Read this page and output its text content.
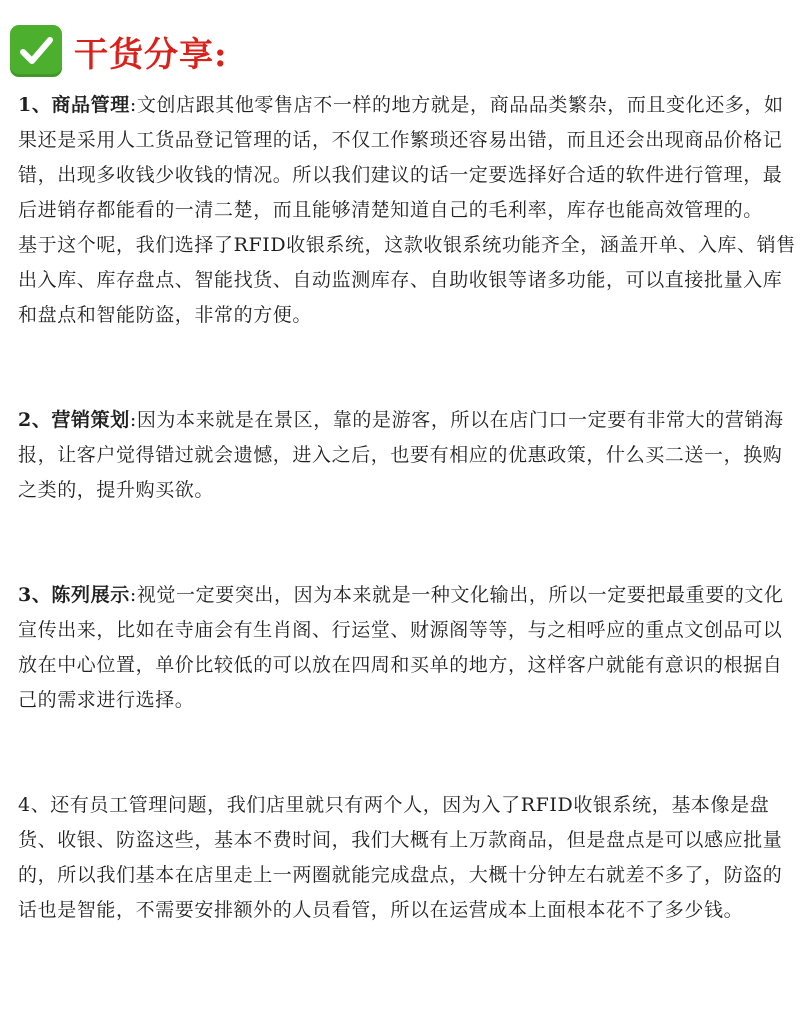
干货分享:

1、商品管理:文创店跟其他零售店不一样的地方就是，商品品类繁杂，而且变化还多，如果还是采用人工货品登记管理的话，不仅工作繁琐还容易出错，而且还会出现商品价格记错，出现多收钱少收钱的情况。所以我们建议的话一定要选择好合适的软件进行管理，最后进销存都能看的一清二楚，而且能够清楚知道自己的毛利率，库存也能高效管理的。

基于这个呢，我们选择了RFID收银系统，这款收银系统功能齐全，涵盖开单、入库、销售出入库、库存盘点、智能找货、自动监测库存、自助收银等诸多功能，可以直接批量入库和盘点和智能防盗，非常的方便。

2、营销策划:因为本来就是在景区，靠的是游客，所以在店门口一定要有非常大的营销海报，让客户觉得错过就会遗憾，进入之后，也要有相应的优惠政策，什么买二送一，换购之类的，提升购买欲。

3、陈列展示:视觉一定要突出，因为本来就是一种文化输出，所以一定要把最重要的文化宣传出来，比如在寺庙会有生肖阁、行运堂、财源阁等等，与之相呼应的重点文创品可以放在中心位置，单价比较低的可以放在四周和买单的地方，这样客户就能有意识的根据自己的需求进行选择。

4、还有员工管理问题，我们店里就只有两个人，因为入了RFID收银系统，基本像是盘货、收银、防盗这些，基本不费时间，我们大概有上万款商品，但是盘点是可以感应批量的，所以我们基本在店里走上一两圈就能完成盘点，大概十分钟左右就差不多了，防盗的话也是智能，不需要安排额外的人员看管，所以在运营成本上面根本花不了多少钱。
